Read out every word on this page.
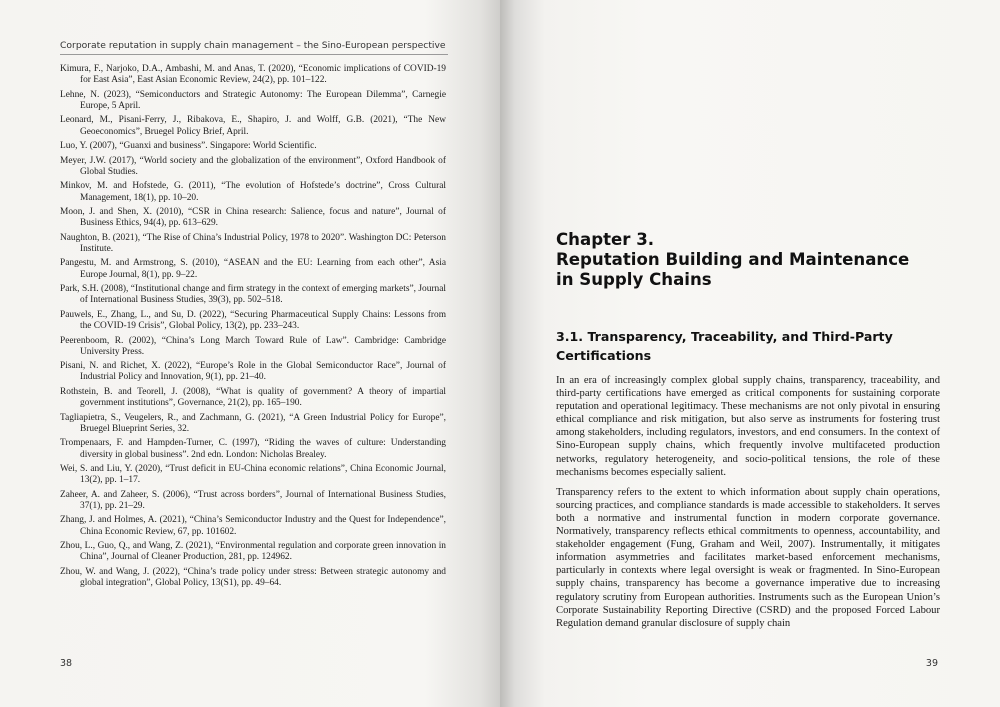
Corporate reputation in supply chain management – the Sino-European perspective
Kimura, F., Narjoko, D.A., Ambashi, M. and Anas, T. (2020), “Economic implications of COVID-19 for East Asia”, East Asian Economic Review, 24(2), pp. 101–122.
Lehne, N. (2023), “Semiconductors and Strategic Autonomy: The European Dilemma”, Carnegie Europe, 5 April.
Leonard, M., Pisani-Ferry, J., Ribakova, E., Shapiro, J. and Wolff, G.B. (2021), “The New Geoeconomics”, Bruegel Policy Brief, April.
Luo, Y. (2007), “Guanxi and business”. Singapore: World Scientific.
Meyer, J.W. (2017), “World society and the globalization of the environment”, Oxford Handbook of Global Studies.
Minkov, M. and Hofstede, G. (2011), “The evolution of Hofstede’s doctrine”, Cross Cultural Management, 18(1), pp. 10–20.
Moon, J. and Shen, X. (2010), “CSR in China research: Salience, focus and nature”, Journal of Business Ethics, 94(4), pp. 613–629.
Naughton, B. (2021), “The Rise of China’s Industrial Policy, 1978 to 2020”. Washington DC: Peterson Institute.
Pangestu, M. and Armstrong, S. (2010), “ASEAN and the EU: Learning from each other”, Asia Europe Journal, 8(1), pp. 9–22.
Park, S.H. (2008), “Institutional change and firm strategy in the context of emerging markets”, Journal of International Business Studies, 39(3), pp. 502–518.
Pauwels, E., Zhang, L., and Su, D. (2022), “Securing Pharmaceutical Supply Chains: Lessons from the COVID-19 Crisis”, Global Policy, 13(2), pp. 233–243.
Peerenboom, R. (2002), “China’s Long March Toward Rule of Law”. Cambridge: Cambridge University Press.
Pisani, N. and Richet, X. (2022), “Europe’s Role in the Global Semiconductor Race”, Journal of Industrial Policy and Innovation, 9(1), pp. 21–40.
Rothstein, B. and Teorell, J. (2008), “What is quality of government? A theory of impartial government institutions”, Governance, 21(2), pp. 165–190.
Tagliapietra, S., Veugelers, R., and Zachmann, G. (2021), “A Green Industrial Policy for Europe”, Bruegel Blueprint Series, 32.
Trompenaars, F. and Hampden-Turner, C. (1997), “Riding the waves of culture: Understanding diversity in global business”. 2nd edn. London: Nicholas Brealey.
Wei, S. and Liu, Y. (2020), “Trust deficit in EU-China economic relations”, China Economic Journal, 13(2), pp. 1–17.
Zaheer, A. and Zaheer, S. (2006), “Trust across borders”, Journal of International Business Studies, 37(1), pp. 21–29.
Zhang, J. and Holmes, A. (2021), “China’s Semiconductor Industry and the Quest for Independence”, China Economic Review, 67, pp. 101602.
Zhou, L., Guo, Q., and Wang, Z. (2021), “Environmental regulation and corporate green innovation in China”, Journal of Cleaner Production, 281, pp. 124962.
Zhou, W. and Wang, J. (2022), “China’s trade policy under stress: Between strategic autonomy and global integration”, Global Policy, 13(S1), pp. 49–64.
38	39
Chapter 3.
Reputation Building and Maintenance
in Supply Chains
3.1. Transparency, Traceability, and Third-Party Certifications

In an era of increasingly complex global supply chains, transparency, traceability, and third-party certifications have emerged as critical components for sustaining corporate reputation and operational legitimacy. These mechanisms are not only pivotal in ensuring ethical compliance and risk mitigation, but also serve as instruments for fostering trust among stakeholders, including regulators, investors, and end consumers. In the context of Sino-European supply chains, which frequently involve multifaceted production networks, regulatory heterogeneity, and socio-political tensions, the role of these mechanisms becomes especially salient.

Transparency refers to the extent to which information about supply chain operations, sourcing practices, and compliance standards is made accessible to stakeholders. It serves both a normative and instrumental function in modern corporate governance. Normatively, transparency reflects ethical commitments to openness, accountability, and stakeholder engagement (Fung, Graham and Weil, 2007). Instrumentally, it mitigates information asymmetries and facilitates market-based enforcement mechanisms, particularly in contexts where legal oversight is weak or fragmented. In Sino-European supply chains, transparency has become a governance imperative due to increasing regulatory scrutiny from European authorities. Instruments such as the European Union’s Corporate Sustainability Reporting Directive (CSRD) and the proposed Forced Labour Regulation demand granular disclosure of supply chain
